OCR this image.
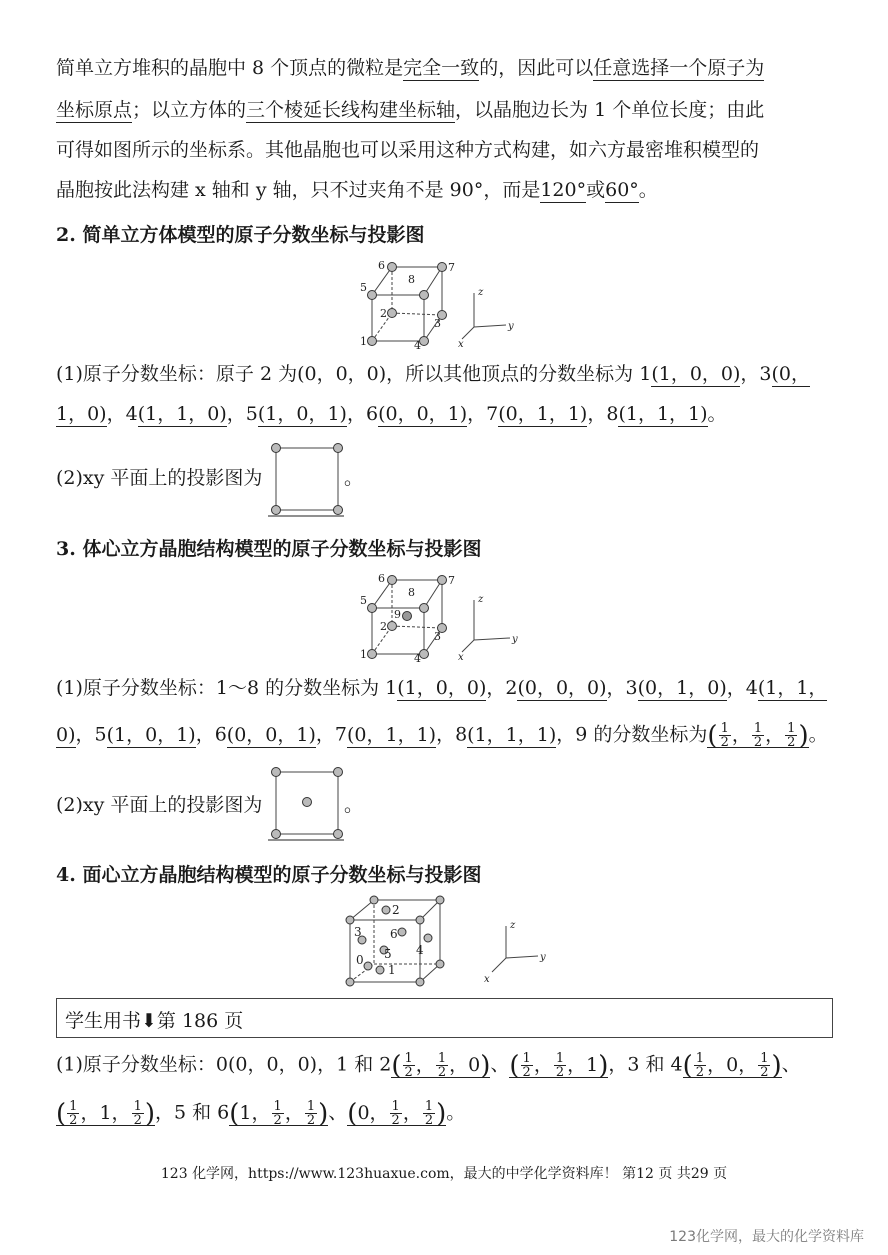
简单立方堆积的晶胞中 8 个顶点的微粒是完全一致的，因此可以任意选择一个原子为
坐标原点；以立方体的三个棱延长线构建坐标轴，以晶胞边长为 1 个单位长度；由此
可得如图所示的坐标系。其他晶胞也可以采用这种方式构建，如六方最密堆积模型的
晶胞按此法构建 x 轴和 y 轴，只不过夹角不是 90°，而是120°或60°。
2. 简单立方体模型的原子分数坐标与投影图
1
2
3
4
5
6	7
8
z
y
x
(1)原子分数坐标：原子 2 为(0，0，0)，所以其他顶点的分数坐标为 1(1，0，0)，3(0，
1，0)，4(1，1，0)，5(1，0，1)，6(0，0，1)，7(0，1，1)，8(1，1，1)。
(2)xy 平面上的投影图为	。
3. 体心立方晶胞结构模型的原子分数坐标与投影图
1
2
3
4
5
6	7
8
9
z
y
x
(1)原子分数坐标：1～8 的分数坐标为 1(1，0，0)，2(0，0，0)，3(0，1，0)，4(1，1，
0)，5(1，0，1)，6(0，0，1)，7(0，1，1)，8(1，1，1)，9 的分数坐标为( $\frac{1}{2}$ ， $\frac{1}{2}$ ， $\frac{1}{2}$ )。
(2)xy 平面上的投影图为	。
4. 面心立方晶胞结构模型的原子分数坐标与投影图
0
1
2
3
4
5
6
z
y
x
学生用书⬇第 186 页
(1)原子分数坐标：0(0，0，0)，1 和 $2( \frac{1}{2}$ ， $\frac{1}{2}$ ，0)、( $\frac{1}{2}$ ， $\frac{1}{2}$ ，1)，3 和 $4( \frac{1}{2}$ ，0， $\frac{1}{2}$ )、
( $\frac{1}{2}$ ，1， $\frac{1}{2}$ )，5 和 6(1， $\frac{1}{2}$ ， $\frac{1}{2}$ )、(0， $\frac{1}{2}$ ， $\frac{1}{2}$ )。
123 化学网，https://www.123huaxue.com，最大的中学化学资料库！ 第12 页 共29 页
123化学网，最大的化学资料库
